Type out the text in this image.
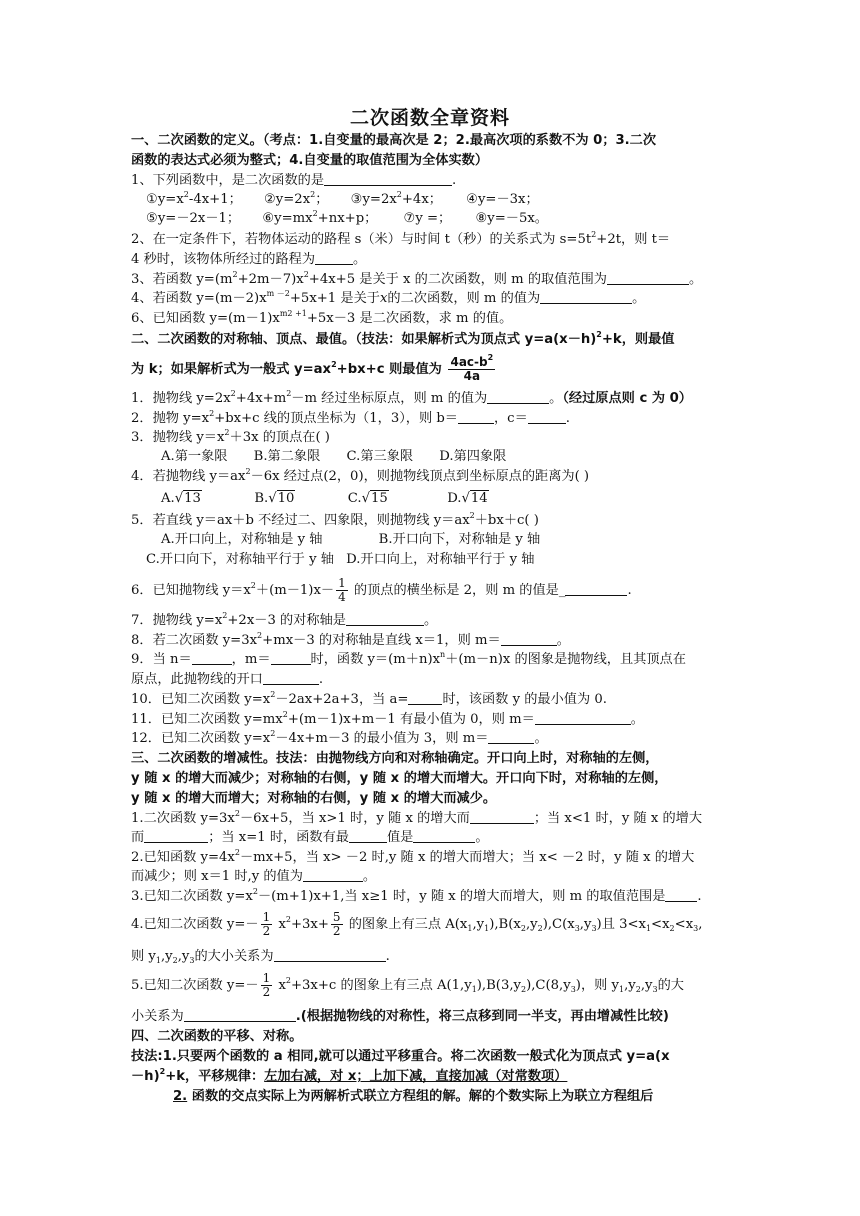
二次函数全章资料
一、二次函数的定义。（考点：1.自变量的最高次是 2；2.最高次项的系数不为 0；3.二次
函数的表达式必须为整式；4.自变量的取值范围为全体实数）
1、下列函数中，是二次函数的是	.
$①y=x^2-4x+1$； $②y=2x^2$； $③y=2x^2+4x$； ④y=－3x；
⑤y=－2x－1； $⑥y=mx^2+nx+p$； ⑦y =； ⑧y=－5x。
2、在一定条件下，若物体运动的路程 s（米）与时间 t（秒）的关系式为 $s=5t^2+2t$，则 t＝
4 秒时，该物体所经过的路程为	。
3、若函数 $y=(m^2+2m-7)x^2+4x+5$ 是关于 x 的二次函数，则 m 的取值范围为	。
4、若函数 $y=(m-2)x^{m -2}+5x+1$ 是关于x的二次函数，则 m 的值为	。
6、已知函数 $y=(m-1)x^{m2 +1}+5x-3$ 是二次函数，求 m 的值。
二、二次函数的对称轴、顶点、最值。（技法：如果解析式为顶点式 $y=a(x-h)^2+k$，则最值
为 k；如果解析式为一般式 $y=ax^2+bx+c$ 则最值为 $\frac{4ac-b^2}{4a}$
1．抛物线 $y=2x^2+4x+m^2-m$ 经过坐标原点，则 m 的值为	。（经过原点则 c 为 0）
2．抛物 $y=x^2+bx+c$ 线的顶点坐标为（1，3），则 b＝	，c＝	.
3．抛物线 $y=x^2+3x$ 的顶点在( )
A.第一象限 B.第二象限 C.第三象限 D.第四象限
4．若抛物线 $y=ax^2-6x$ 经过点(2，0)，则抛物线顶点到坐标原点的距离为( )
A.√13	B.√10	C.√15	D.√14
5．若直线 y＝ax＋b 不经过二、四象限，则抛物线 $y=ax^2+bx+c$( )
A.开口向上，对称轴是 y 轴	B.开口向下，对称轴是 y 轴
C.开口向下，对称轴平行于 y 轴 D.开口向上，对称轴平行于 y 轴
6．已知抛物线 $y=x^2+(m-1)x- \frac{1}{4}$ 的顶点的横坐标是 2，则 m 的值是_	.
7．抛物线 $y=x^2+2x-3$ 的对称轴是	。
8．若二次函数 $y=3x^2+mx-3$ 的对称轴是直线 x＝1，则 m＝	。
9．当 n＝	，m＝	时，函数 $y=(m+n)x^n+(m-n)x$ 的图象是抛物线，且其顶点在
原点，此抛物线的开口	.
10．已知二次函数 $y=x^2-2ax+2a+3$，当 a=	时，该函数 y 的最小值为 0.
11．已知二次函数 $y=mx^2+(m-1)x+m-1$ 有最小值为 0，则 m＝	。
12．已知二次函数 $y=x^2-4x+m-3$ 的最小值为 3，则 m＝	。
三、二次函数的增减性。技法：由抛物线方向和对称轴确定。开口向上时，对称轴的左侧，
y 随 x 的增大而减少；对称轴的右侧，y 随 x 的增大而增大。开口向下时，对称轴的左侧，
y 随 x 的增大而增大；对称轴的右侧，y 随 x 的增大而减少。
1.二次函数 $y=3x^2-6x+5$，当 x>1 时，y 随 x 的增大而	；当 x<1 时，y 随 x 的增大
而	；当 x=1 时，函数有最	值是	。
2.已知函数 $y=4x^2-mx+5$，当 x> －2 时,y 随 x 的增大而增大；当 x< －2 时，y 随 x 的增大
而减少；则 x＝1 时,y 的值为	。
3.已知二次函数 $y=x^2-(m+1)x+1$,当 x≥1 时，y 随 x 的增大而增大，则 m 的取值范围是 .
4.已知二次函数 $y=- \frac{1}{2} x^2+3x+ \frac{5}{2}$ 的图象上有三点 $A(x_1,y_1),B(x_2,y_2),C(x_3,y_3)$且 $3<x_1<x_2<x_3$,
则 $y_1,y_2,y_3$的大小关系为	.
5.已知二次函数 $y=- \frac{1}{2} x^2+3x+c$ 的图象上有三点 $A(1,y_1),B(3,y_2),C(8,y_3)$，则 $y_1,y_2,y_3$的大
小关系为	.(根据抛物线的对称性，将三点移到同一半支，再由增减性比较)
四、二次函数的平移、对称。
技法:1.只要两个函数的 a 相同,就可以通过平移重合。将二次函数一般式化为顶点式 y=a(x
－h)$^2$+k，平移规律：左加右减，对 x；上加下减，直接加减（对常数项）
2. 函数的交点实际上为两解析式联立方程组的解。解的个数实际上为联立方程组后
